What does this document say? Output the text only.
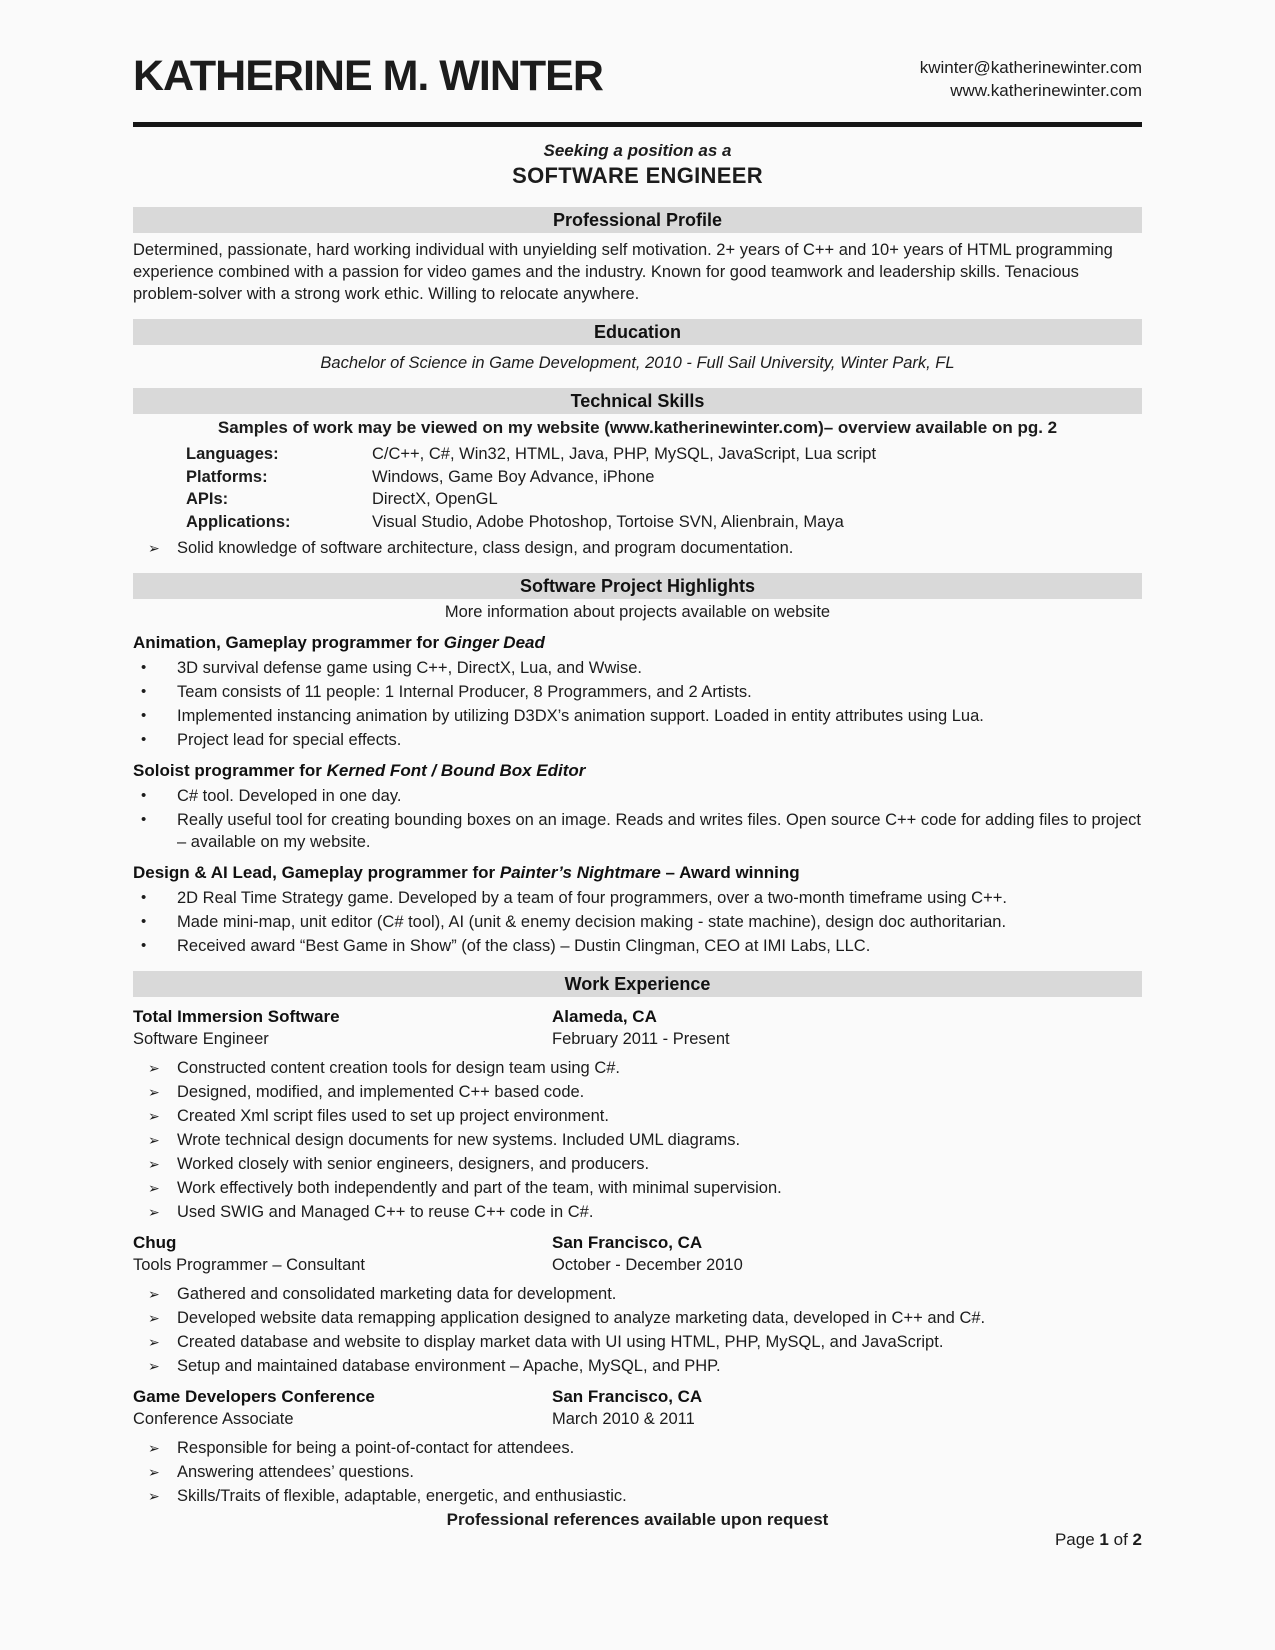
KATHERINE M. WINTER	kwinter@katherinewinter.com
www.katherinewinter.com
Seeking a position as a
SOFTWARE ENGINEER
Professional Profile

Determined, passionate, hard working individual with unyielding self motivation. 2+ years of C++ and 10+ years of HTML programming experience combined with a passion for video games and the industry. Known for good teamwork and leadership skills. Tenacious problem-solver with a strong work ethic. Willing to relocate anywhere.

Education
Bachelor of Science in Game Development, 2010 - Full Sail University, Winter Park, FL
Technical Skills
Samples of work may be viewed on my website (www.katherinewinter.com)– overview available on pg. 2
Languages:	C/C++, C#, Win32, HTML, Java, PHP, MySQL, JavaScript, Lua script
Platforms:	Windows, Game Boy Advance, iPhone
APIs:	DirectX, OpenGL
Applications:	Visual Studio, Adobe Photoshop, Tortoise SVN, Alienbrain, Maya
➢	Solid knowledge of software architecture, class design, and program documentation.
Software Project Highlights
More information about projects available on website
Animation, Gameplay programmer for Ginger Dead
•	3D survival defense game using C++, DirectX, Lua, and Wwise.
•	Team consists of 11 people: 1 Internal Producer, 8 Programmers, and 2 Artists.
•	Implemented instancing animation by utilizing D3DX’s animation support. Loaded in entity attributes using Lua.
•	Project lead for special effects.
Soloist programmer for Kerned Font / Bound Box Editor
•	C# tool. Developed in one day.
•	Really useful tool for creating bounding boxes on an image. Reads and writes files. Open source C++ code for adding files to project – available on my website.
Design & AI Lead, Gameplay programmer for Painter’s Nightmare – Award winning
•	2D Real Time Strategy game. Developed by a team of four programmers, over a two-month timeframe using C++.
•	Made mini-map, unit editor (C# tool), AI (unit & enemy decision making - state machine), design doc authoritarian.
•	Received award “Best Game in Show” (of the class) – Dustin Clingman, CEO at IMI Labs, LLC.
Work Experience
Total Immersion Software	Alameda, CA
Software Engineer	February 2011 - Present
➢	Constructed content creation tools for design team using C#.
➢	Designed, modified, and implemented C++ based code.
➢	Created Xml script files used to set up project environment.
➢	Wrote technical design documents for new systems. Included UML diagrams.
➢	Worked closely with senior engineers, designers, and producers.
➢	Work effectively both independently and part of the team, with minimal supervision.
➢	Used SWIG and Managed C++ to reuse C++ code in C#.
Chug	San Francisco, CA
Tools Programmer – Consultant	October - December 2010
➢	Gathered and consolidated marketing data for development.
➢	Developed website data remapping application designed to analyze marketing data, developed in C++ and C#.
➢	Created database and website to display market data with UI using HTML, PHP, MySQL, and JavaScript.
➢	Setup and maintained database environment – Apache, MySQL, and PHP.
Game Developers Conference	San Francisco, CA
Conference Associate	March 2010 & 2011
➢	Responsible for being a point-of-contact for attendees.
➢	Answering attendees’ questions.
➢	Skills/Traits of flexible, adaptable, energetic, and enthusiastic.
Professional references available upon request
Page 1 of 2
